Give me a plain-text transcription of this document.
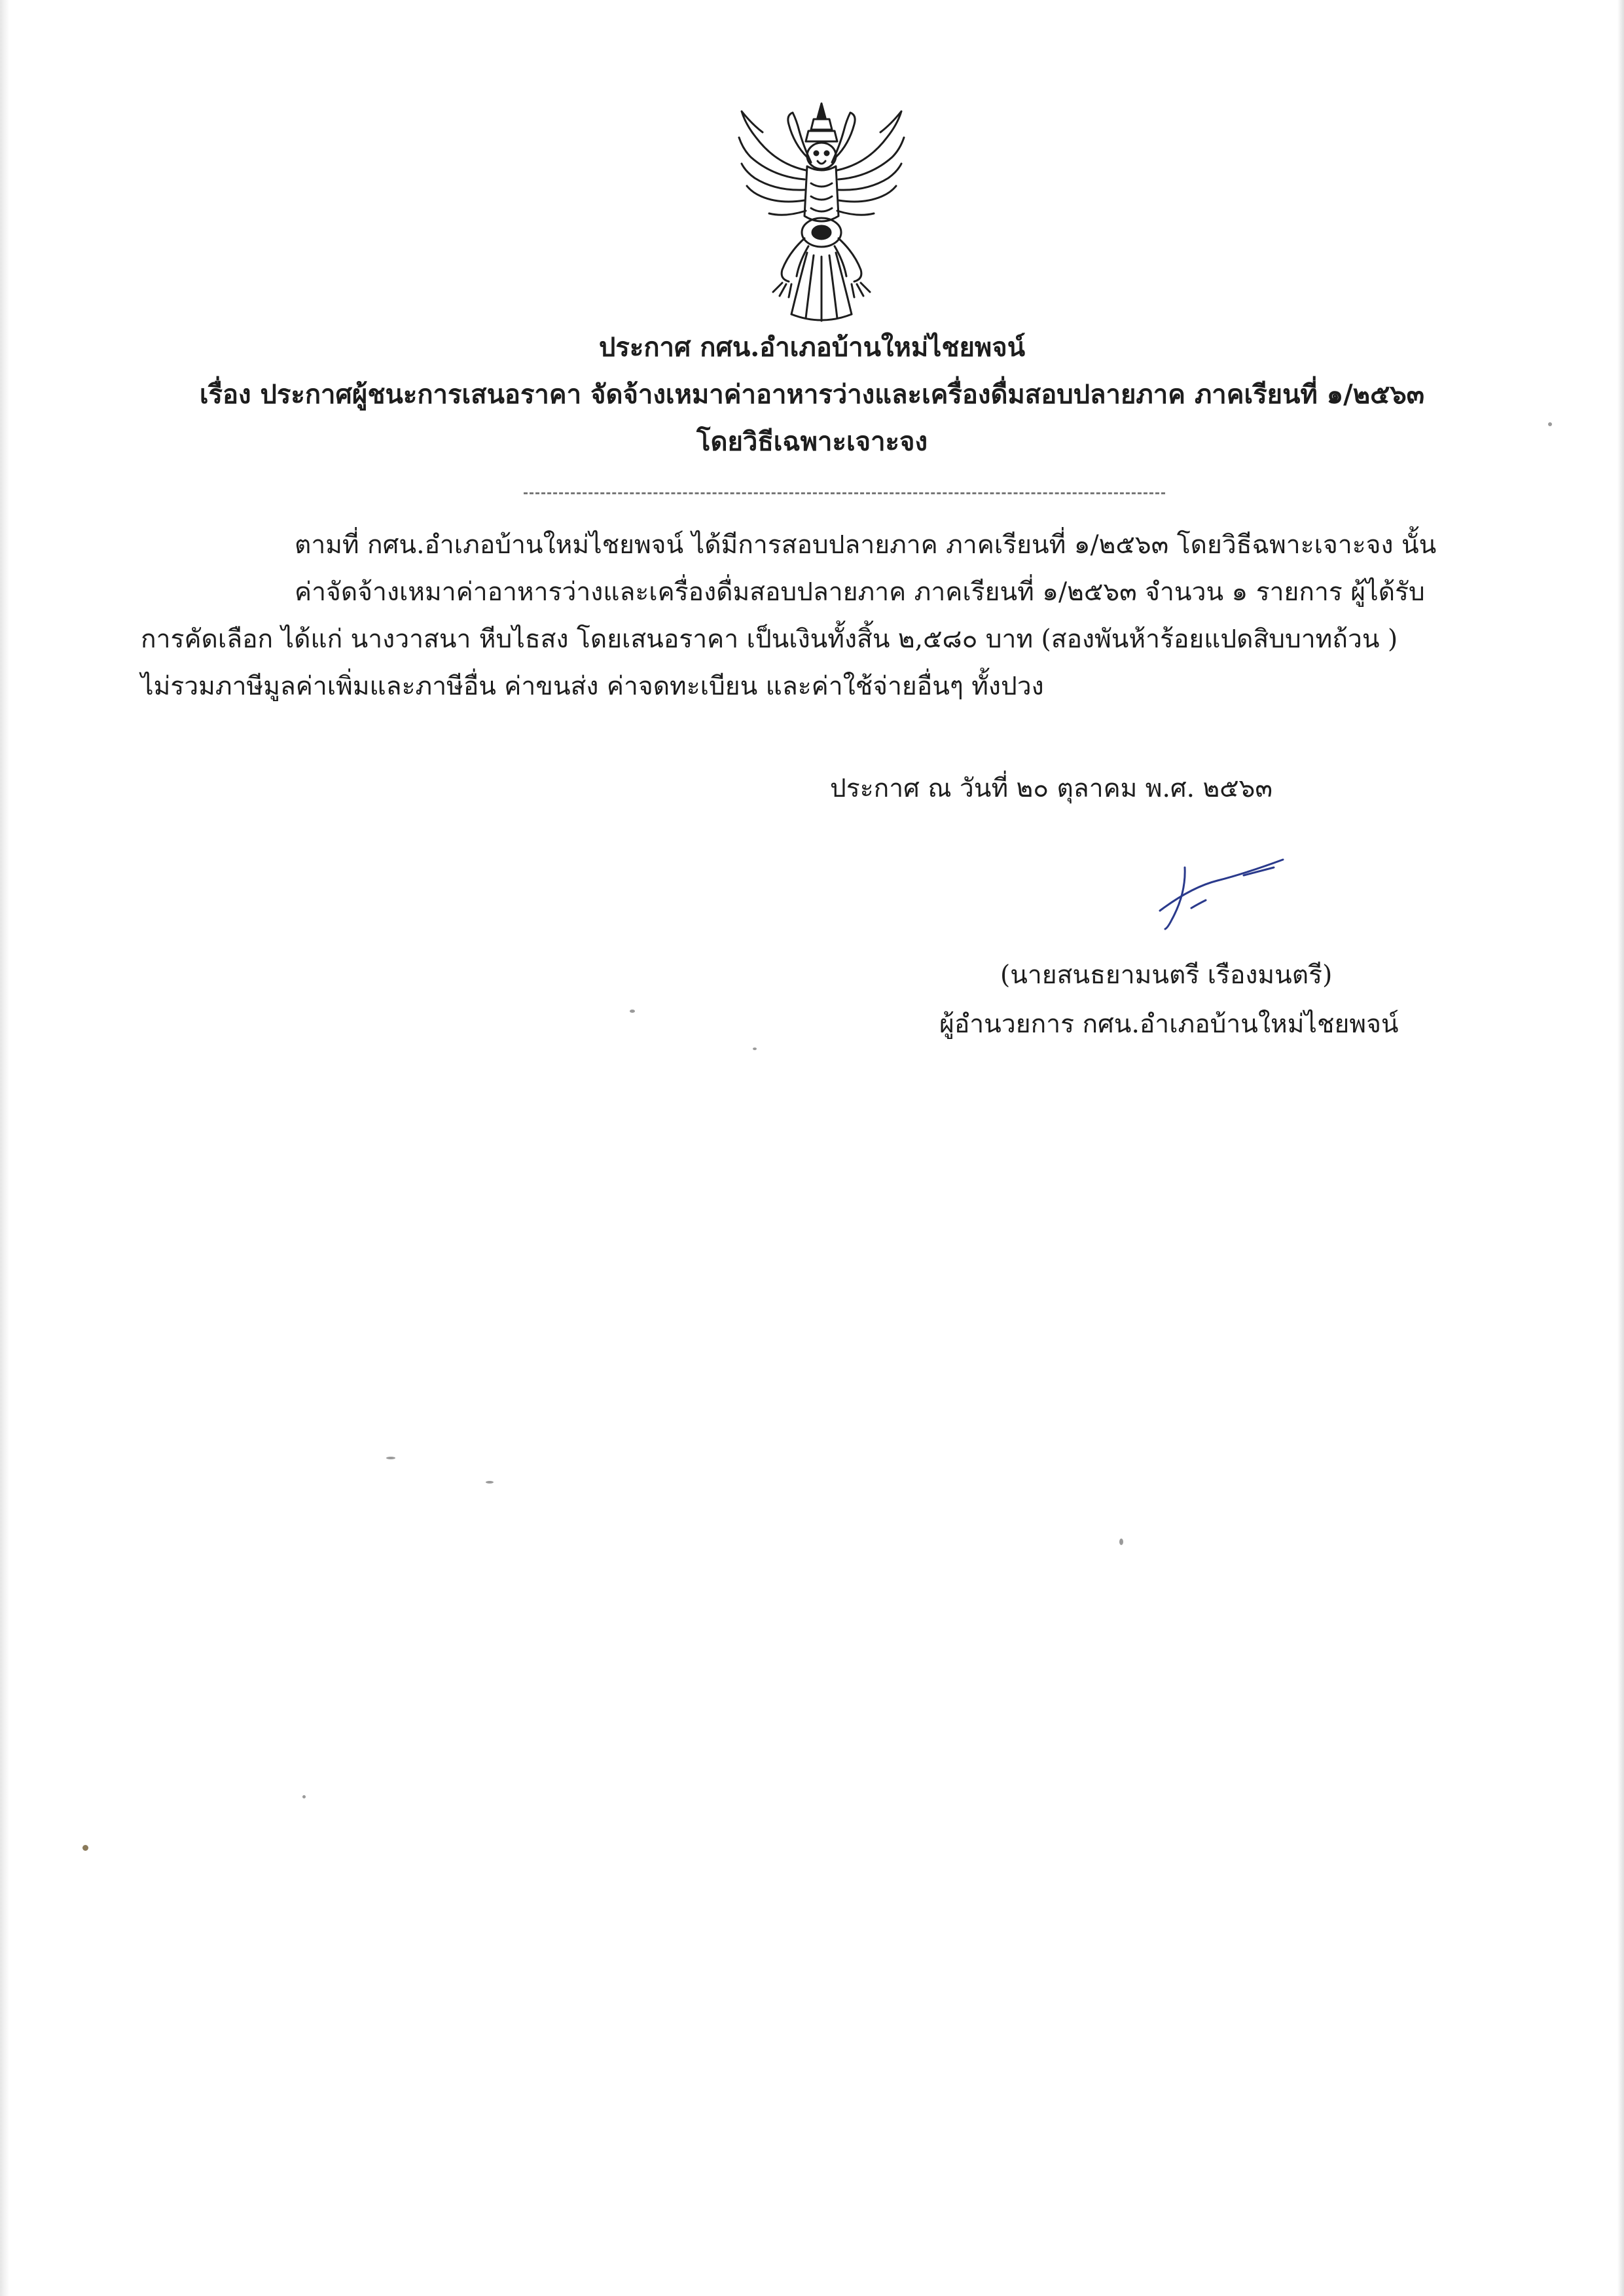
ประกาศ กศน.อำเภอบ้านใหม่ไชยพจน์
เรื่อง ประกาศผู้ชนะการเสนอราคา จัดจ้างเหมาค่าอาหารว่างและเครื่องดื่มสอบปลายภาค ภาคเรียนที่ ๑/๒๕๖๓
โดยวิธีเฉพาะเจาะจง
ตามที่ กศน.อำเภอบ้านใหม่ไชยพจน์ ได้มีการสอบปลายภาค ภาคเรียนที่ ๑/๒๕๖๓ โดยวิธีฉพาะเจาะจง นั้น
ค่าจัดจ้างเหมาค่าอาหารว่างและเครื่องดื่มสอบปลายภาค ภาคเรียนที่ ๑/๒๕๖๓ จำนวน ๑ รายการ ผู้ได้รับ
การคัดเลือก ได้แก่ นางวาสนา หีบไธสง โดยเสนอราคา เป็นเงินทั้งสิ้น ๒,๕๘๐ บาท (สองพันห้าร้อยแปดสิบบาทถ้วน )
ไม่รวมภาษีมูลค่าเพิ่มและภาษีอื่น ค่าขนส่ง ค่าจดทะเบียน และค่าใช้จ่ายอื่นๆ ทั้งปวง
ประกาศ ณ วันที่ ๒๐ ตุลาคม พ.ศ. ๒๕๖๓
(นายสนธยามนตรี เรืองมนตรี)
ผู้อำนวยการ กศน.อำเภอบ้านใหม่ไชยพจน์
